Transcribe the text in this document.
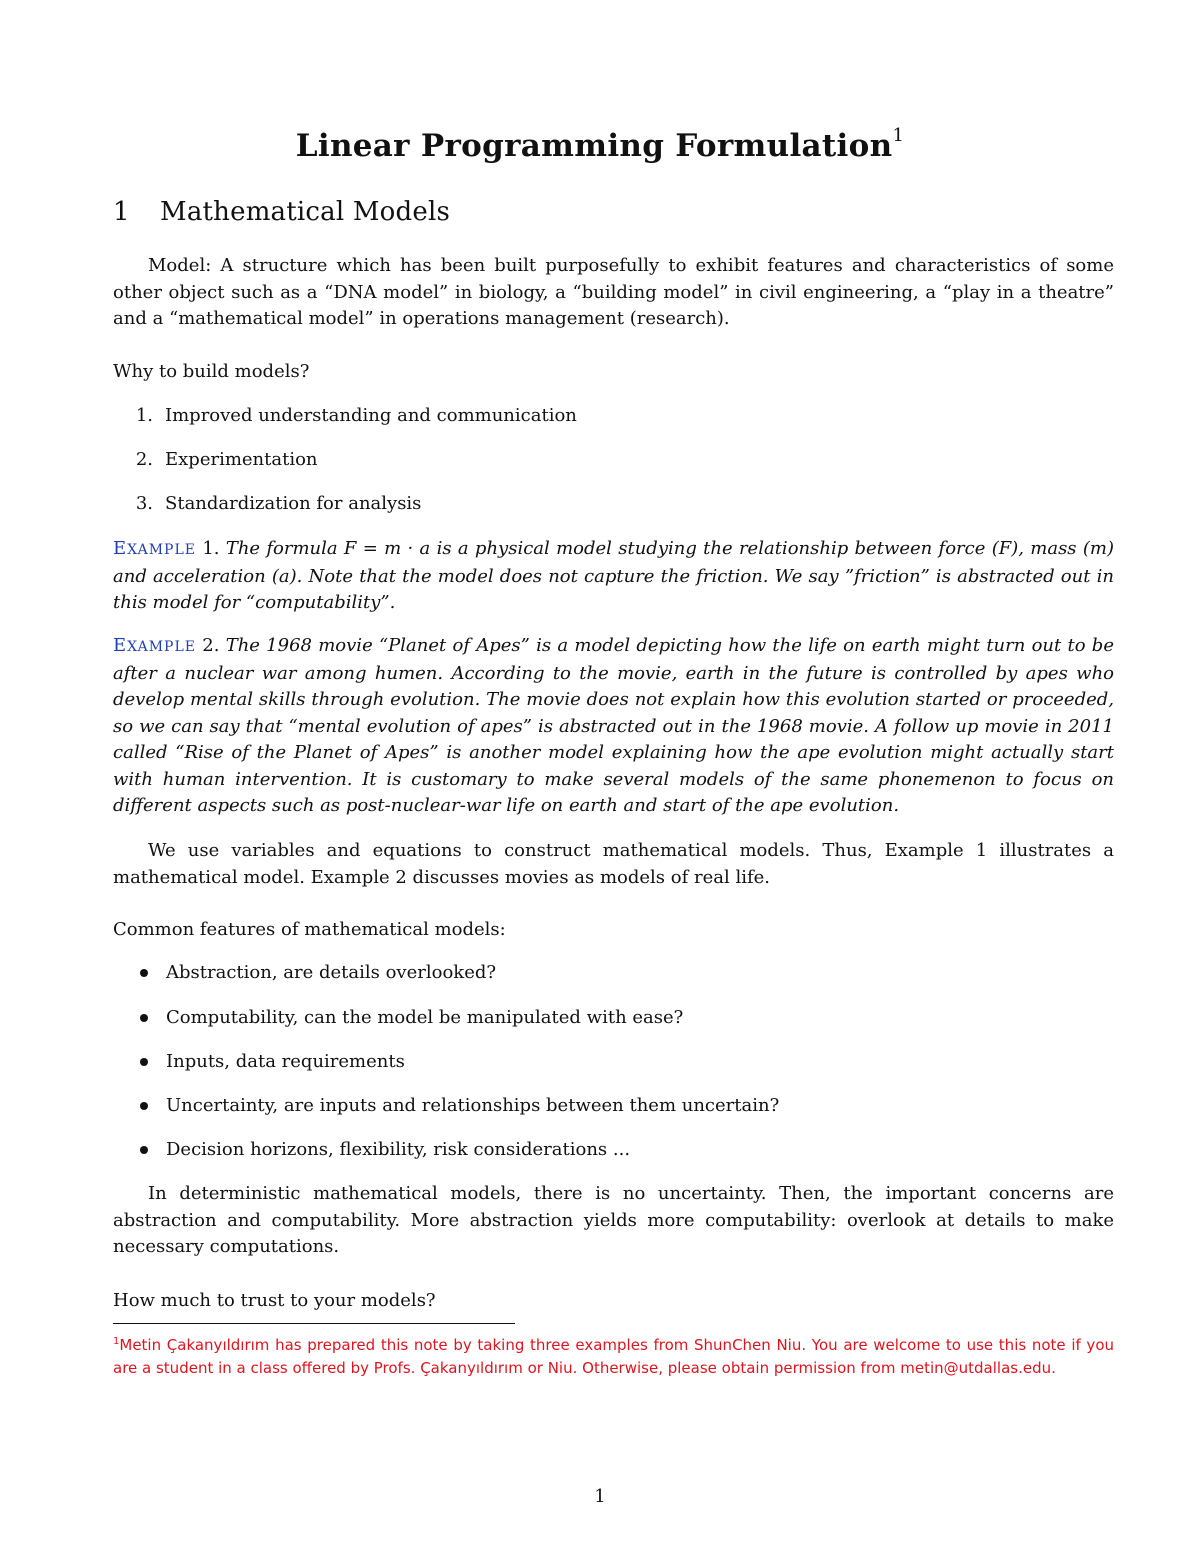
Linear Programming Formulation$^1$
1 Mathematical Models
Model: A structure which has been built purposefully to exhibit features and characteristics of some other object such as a “DNA model” in biology, a “building model” in civil engineering, a “play in a theatre” and a “mathematical model” in operations management (research).
Why to build models?
1. Improved understanding and communication
2. Experimentation
3. Standardization for analysis
EXAMPLE 1. The formula F = m · a is a physical model studying the relationship between force (F), mass (m) and acceleration (a). Note that the model does not capture the friction. We say ”friction” is abstracted out in this model for “computability”.
EXAMPLE 2. The 1968 movie “Planet of Apes” is a model depicting how the life on earth might turn out to be after a nuclear war among humen. According to the movie, earth in the future is controlled by apes who develop mental skills through evolution. The movie does not explain how this evolution started or proceeded, so we can say that “mental evolution of apes” is abstracted out in the 1968 movie. A follow up movie in 2011 called “Rise of the Planet of Apes” is another model explaining how the ape evolution might actually start with human intervention. It is customary to make several models of the same phonemenon to focus on different aspects such as post-nuclear-war life on earth and start of the ape evolution.
We use variables and equations to construct mathematical models. Thus, Example 1 illustrates a mathematical model. Example 2 discusses movies as models of real life.
Common features of mathematical models:
Abstraction, are details overlooked?
Computability, can the model be manipulated with ease?
Inputs, data requirements
Uncertainty, are inputs and relationships between them uncertain?
Decision horizons, flexibility, risk considerations ...
In deterministic mathematical models, there is no uncertainty. Then, the important concerns are abstraction and computability. More abstraction yields more computability: overlook at details to make necessary computations.
How much to trust to your models?
$^1$Metin Çakanyıldırım has prepared this note by taking three examples from ShunChen Niu. You are welcome to use this note if you are a student in a class offered by Profs. Çakanyıldırım or Niu. Otherwise, please obtain permission from metin@utdallas.edu.
1
